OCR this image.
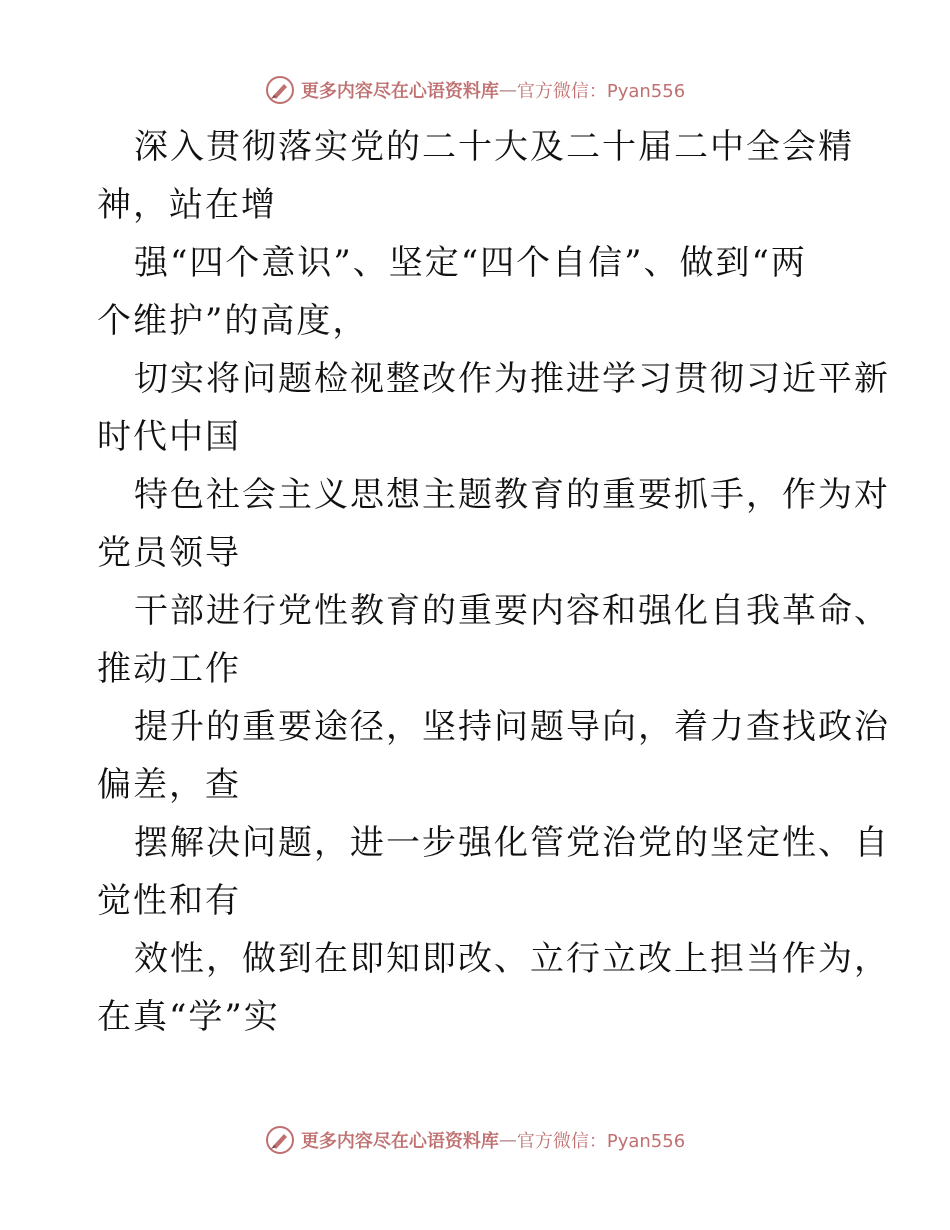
更多内容尽在心语资料库 — 官方微信：Pyan556

深入贯彻落实党的二十大及二十届二中全会精

神，站在增

强“四个意识”、坚定“四个自信”、做到“两

个维护”的高度，

切实将问题检视整改作为推进学习贯彻习近平新

时代中国

特色社会主义思想主题教育的重要抓手，作为对

党员领导

干部进行党性教育的重要内容和强化自我革命、

推动工作

提升的重要途径，坚持问题导向，着力查找政治

偏差，查

摆解决问题，进一步强化管党治党的坚定性、自

觉性和有

效性，做到在即知即改、立行立改上担当作为，

在真“学”实

更多内容尽在心语资料库 — 官方微信：Pyan556
